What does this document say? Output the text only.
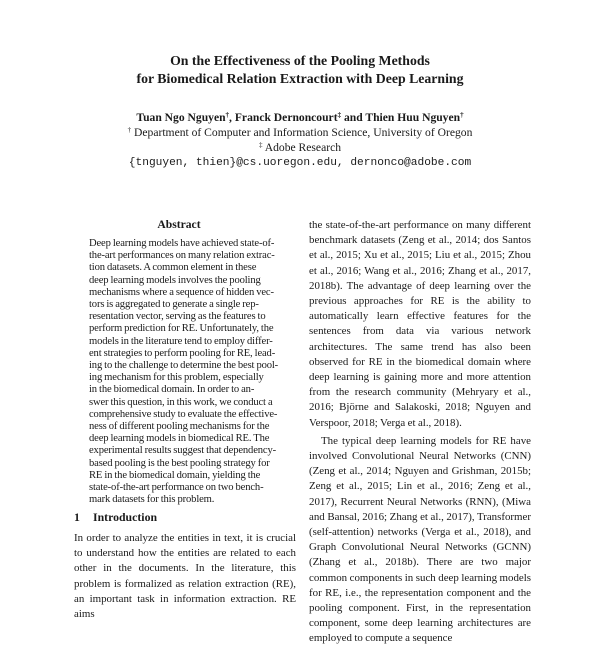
On the Effectiveness of the Pooling Methods
for Biomedical Relation Extraction with Deep Learning
Tuan Ngo Nguyen†, Franck Dernoncourt‡ and Thien Huu Nguyen†
† Department of Computer and Information Science, University of Oregon
‡ Adobe Research
{tnguyen, thien}@cs.uoregon.edu, dernonco@adobe.com
Abstract
Deep learning models have achieved state-of-
the-art performances on many relation extrac-
tion datasets. A common element in these
deep learning models involves the pooling
mechanisms where a sequence of hidden vec-
tors is aggregated to generate a single rep-
resentation vector, serving as the features to
perform prediction for RE. Unfortunately, the
models in the literature tend to employ differ-
ent strategies to perform pooling for RE, lead-
ing to the challenge to determine the best pool-
ing mechanism for this problem, especially
in the biomedical domain. In order to an-
swer this question, in this work, we conduct a
comprehensive study to evaluate the effective-
ness of different pooling mechanisms for the
deep learning models in biomedical RE. The
experimental results suggest that dependency-
based pooling is the best pooling strategy for
RE in the biomedical domain, yielding the
state-of-the-art performance on two bench-
mark datasets for this problem.
1 Introduction

In order to analyze the entities in text, it is crucial to understand how the entities are related to each other in the documents. In the literature, this problem is formalized as relation extraction (RE), an important task in information extraction. RE aims

the state-of-the-art performance on many different benchmark datasets (Zeng et al., 2014; dos Santos et al., 2015; Xu et al., 2015; Liu et al., 2015; Zhou et al., 2016; Wang et al., 2016; Zhang et al., 2017, 2018b). The advantage of deep learning over the previous approaches for RE is the ability to automatically learn effective features for the sentences from data via various network architectures. The same trend has also been observed for RE in the biomedical domain where deep learning is gaining more and more attention from the research community (Mehryary et al., 2016; Björne and Salakoski, 2018; Nguyen and Verspoor, 2018; Verga et al., 2018).

The typical deep learning models for RE have involved Convolutional Neural Networks (CNN) (Zeng et al., 2014; Nguyen and Grishman, 2015b; Zeng et al., 2015; Lin et al., 2016; Zeng et al., 2017), Recurrent Neural Networks (RNN), (Miwa and Bansal, 2016; Zhang et al., 2017), Transformer (self-attention) networks (Verga et al., 2018), and Graph Convolutional Neural Networks (GCNN) (Zhang et al., 2018b). There are two major common components in such deep learning models for RE, i.e., the representation component and the pooling component. First, in the representation component, some deep learning architectures are employed to compute a sequence
